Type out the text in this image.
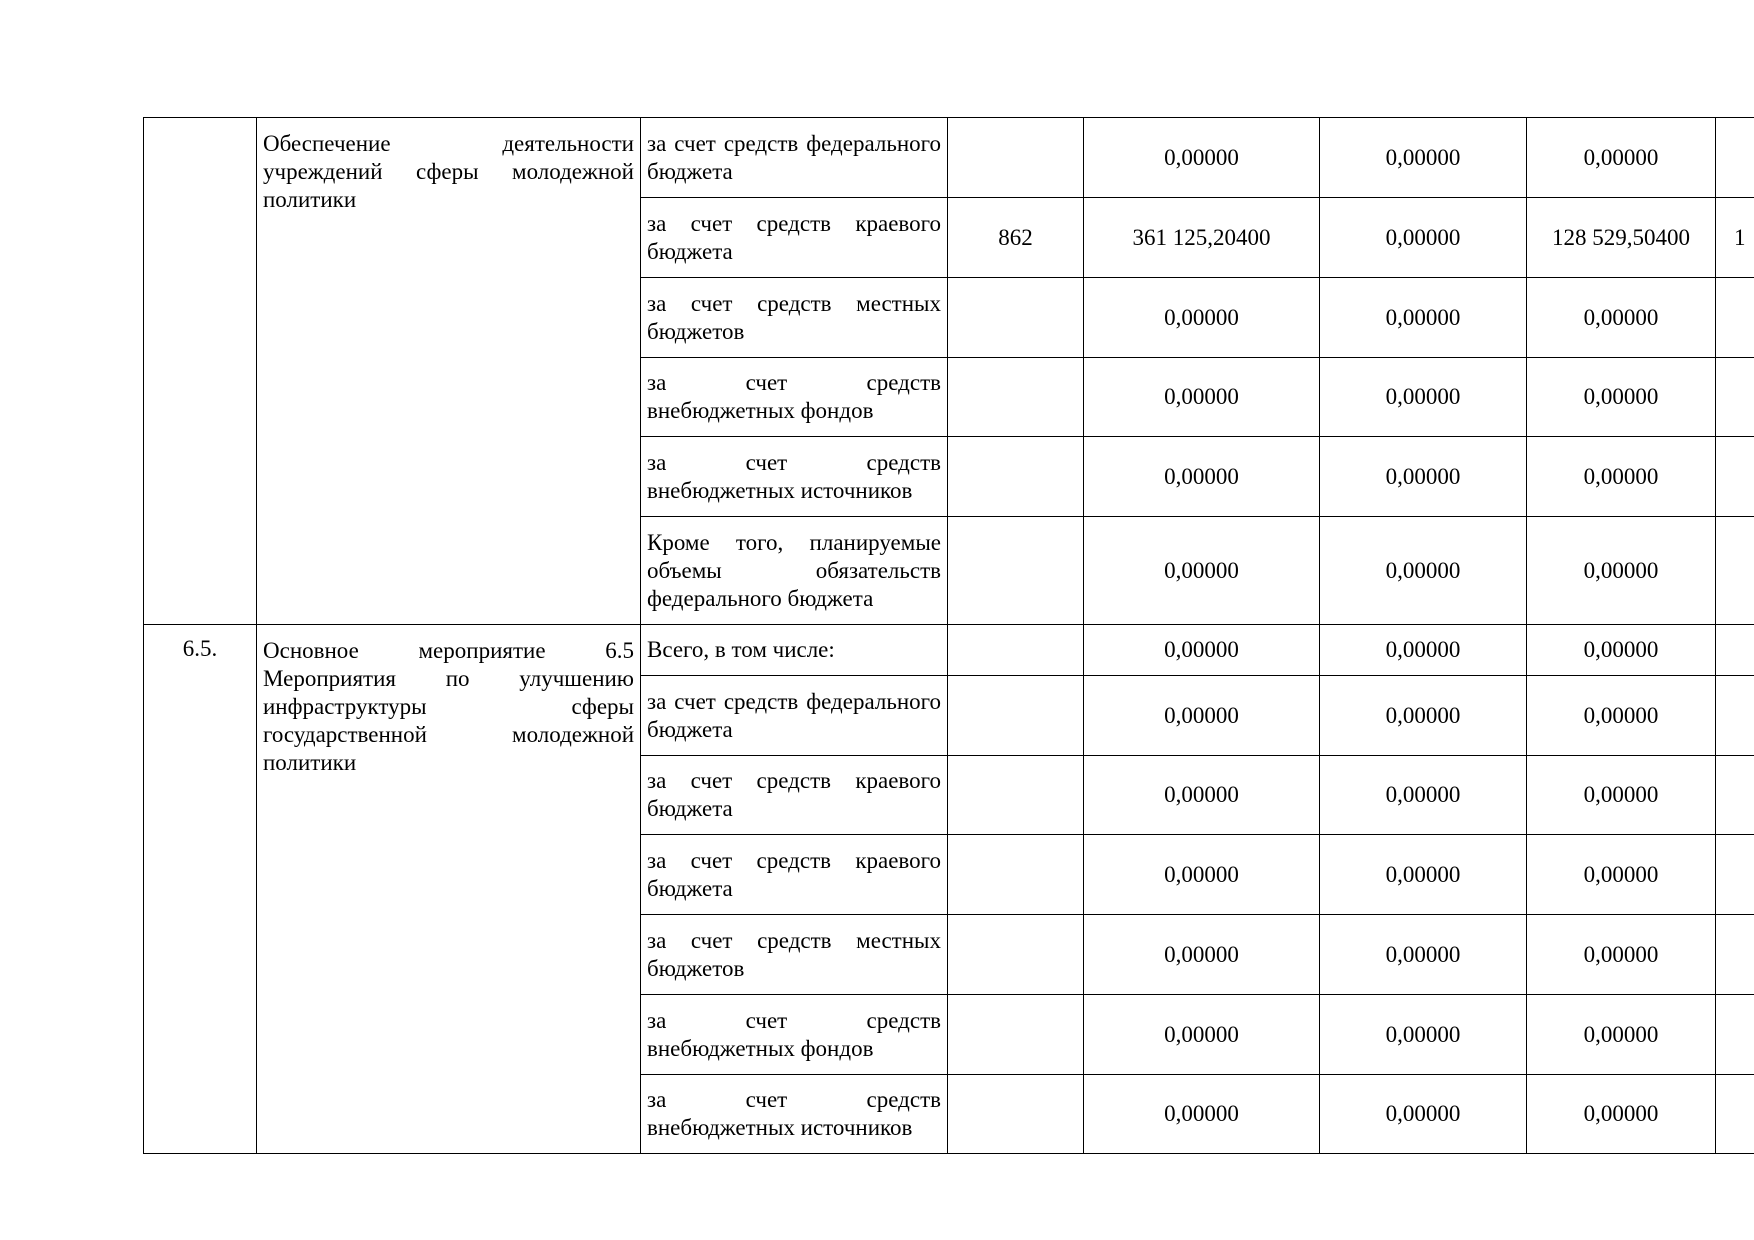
	Обеспечение деятельности учреждений сферы молодежной политики	за счет средств федерального бюджета		0,00000	0,00000	0,00000	
		за счет средств краевого бюджета	862	361 125,20400	0,00000	128 529,50400	1
		за счет средств местных бюджетов		0,00000	0,00000	0,00000	
		за счет средств внебюджетных фондов		0,00000	0,00000	0,00000	
		за счет средств внебюджетных источников		0,00000	0,00000	0,00000	
		Кроме того, планируемые объемы обязательств федерального бюджета		0,00000	0,00000	0,00000	
6.5.	Основное мероприятие 6.5 Мероприятия по улучшению инфраструктуры сферы государственной молодежной политики	Всего, в том числе:		0,00000	0,00000	0,00000	
		за счет средств федерального бюджета		0,00000	0,00000	0,00000	
		за счет средств краевого бюджета		0,00000	0,00000	0,00000	
		за счет средств краевого бюджета		0,00000	0,00000	0,00000	
		за счет средств местных бюджетов		0,00000	0,00000	0,00000	
		за счет средств внебюджетных фондов		0,00000	0,00000	0,00000	
		за счет средств внебюджетных источников		0,00000	0,00000	0,00000	
